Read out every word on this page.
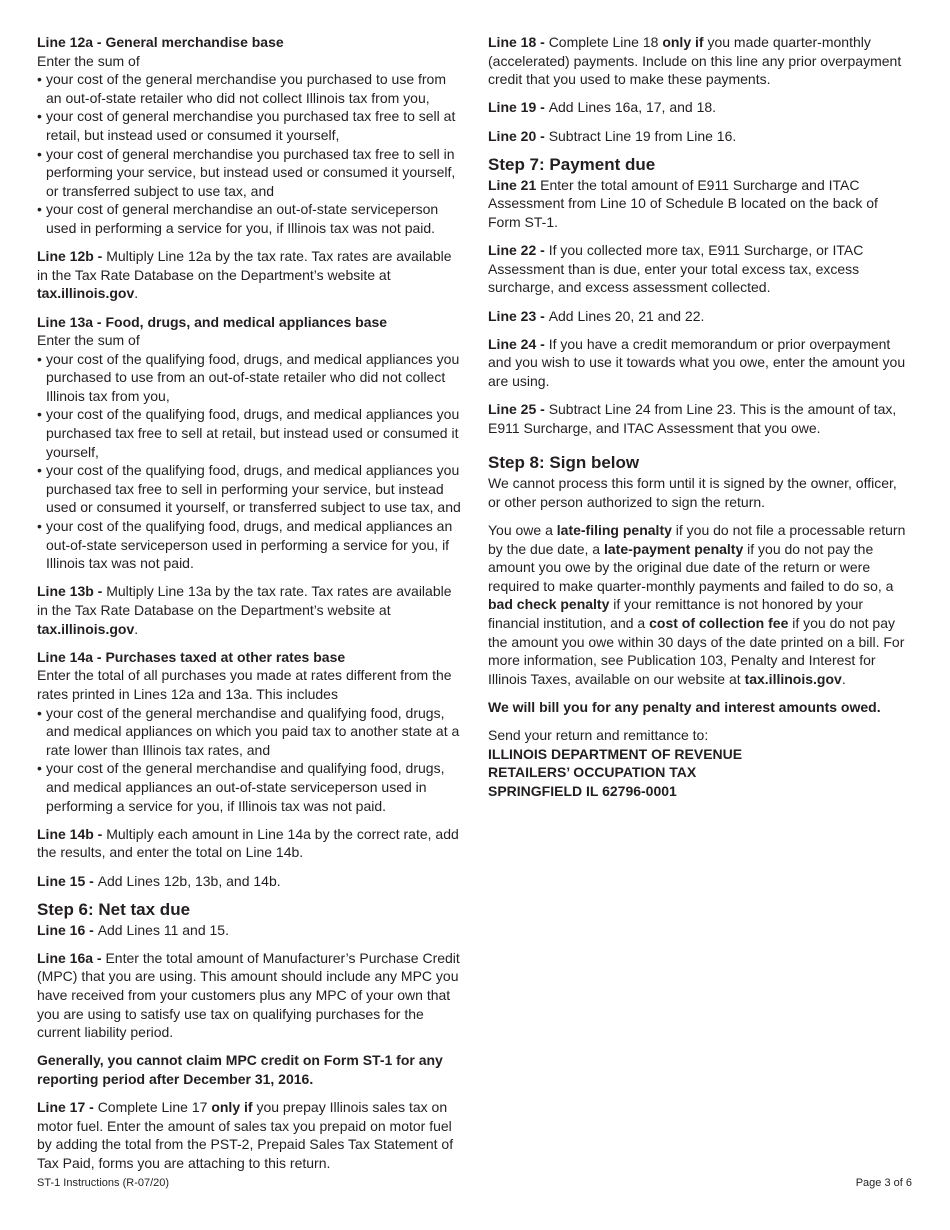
Line 12a - General merchandise base

Enter the sum of

• your cost of the general merchandise you purchased to use from an out-of-state retailer who did not collect Illinois tax from you,
• your cost of general merchandise you purchased tax free to sell at retail, but instead used or consumed it yourself,
• your cost of general merchandise you purchased tax free to sell in performing your service, but instead used or consumed it yourself, or transferred subject to use tax, and
• your cost of general merchandise an out-of-state serviceperson used in performing a service for you, if Illinois tax was not paid.

Line 12b - Multiply Line 12a by the tax rate. Tax rates are available in the Tax Rate Database on the Department’s website at tax.illinois.gov.

Line 13a - Food, drugs, and medical appliances base

Enter the sum of

• your cost of the qualifying food, drugs, and medical appliances you purchased to use from an out-of-state retailer who did not collect Illinois tax from you,
• your cost of the qualifying food, drugs, and medical appliances you purchased tax free to sell at retail, but instead used or consumed it yourself,
• your cost of the qualifying food, drugs, and medical appliances you purchased tax free to sell in performing your service, but instead used or consumed it yourself, or transferred subject to use tax, and
• your cost of the qualifying food, drugs, and medical appliances an out-of-state serviceperson used in performing a service for you, if Illinois tax was not paid.

Line 13b - Multiply Line 13a by the tax rate. Tax rates are available in the Tax Rate Database on the Department’s website at tax.illinois.gov.

Line 14a - Purchases taxed at other rates base

Enter the total of all purchases you made at rates different from the rates printed in Lines 12a and 13a. This includes

• your cost of the general merchandise and qualifying food, drugs, and medical appliances on which you paid tax to another state at a rate lower than Illinois tax rates, and
• your cost of the general merchandise and qualifying food, drugs, and medical appliances an out-of-state serviceperson used in performing a service for you, if Illinois tax was not paid.

Line 14b - Multiply each amount in Line 14a by the correct rate, add the results, and enter the total on Line 14b.

Line 15 - Add Lines 12b, 13b, and 14b.

Step 6: Net tax due

Line 16 - Add Lines 11 and 15.

Line 16a - Enter the total amount of Manufacturer’s Purchase Credit (MPC) that you are using. This amount should include any MPC you have received from your customers plus any MPC of your own that you are using to satisfy use tax on qualifying purchases for the current liability period.

Generally, you cannot claim MPC credit on Form ST-1 for any reporting period after December 31, 2016.

Line 17 - Complete Line 17 only if you prepay Illinois sales tax on motor fuel. Enter the amount of sales tax you prepaid on motor fuel by adding the total from the PST-2, Prepaid Sales Tax Statement of Tax Paid, forms you are attaching to this return.

Line 18 - Complete Line 18 only if you made quarter-monthly (accelerated) payments. Include on this line any prior overpayment credit that you used to make these payments.

Line 19 - Add Lines 16a, 17, and 18.

Line 20 - Subtract Line 19 from Line 16.

Step 7: Payment due

Line 21 Enter the total amount of E911 Surcharge and ITAC Assessment from Line 10 of Schedule B located on the back of Form ST-1.

Line 22 - If you collected more tax, E911 Surcharge, or ITAC Assessment than is due, enter your total excess tax, excess surcharge, and excess assessment collected.

Line 23 - Add Lines 20, 21 and 22.

Line 24 - If you have a credit memorandum or prior overpayment and you wish to use it towards what you owe, enter the amount you are using.

Line 25 - Subtract Line 24 from Line 23. This is the amount of tax, E911 Surcharge, and ITAC Assessment that you owe.

Step 8: Sign below

We cannot process this form until it is signed by the owner, officer, or other person authorized to sign the return.

You owe a late-filing penalty if you do not file a processable return by the due date, a late-payment penalty if you do not pay the amount you owe by the original due date of the return or were required to make quarter-monthly payments and failed to do so, a bad check penalty if your remittance is not honored by your financial institution, and a cost of collection fee if you do not pay the amount you owe within 30 days of the date printed on a bill. For more information, see Publication 103, Penalty and Interest for Illinois Taxes, available on our website at tax.illinois.gov.

We will bill you for any penalty and interest amounts owed.

Send your return and remittance to:
ILLINOIS DEPARTMENT OF REVENUE
RETAILERS’ OCCUPATION TAX
SPRINGFIELD IL 62796-0001

ST-1 Instructions (R-07/20)	Page 3 of 6
